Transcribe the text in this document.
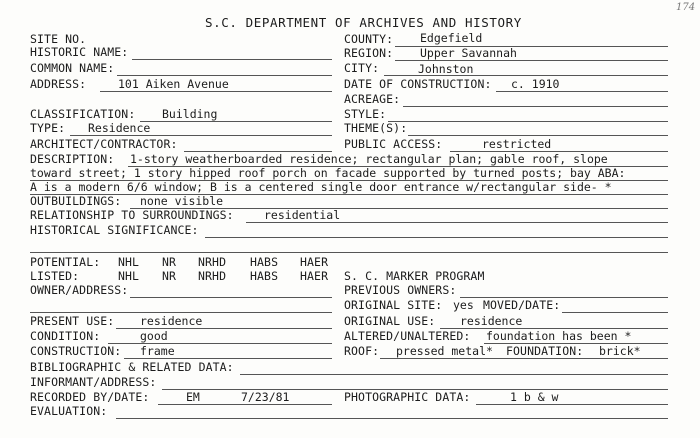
174
S.C. DEPARTMENT OF ARCHIVES AND HISTORY
SITE NO.
HISTORIC NAME:
COMMON NAME:
ADDRESS:	101 Aiken Avenue
COUNTY: Edgefield
REGION: Upper Savannah
CITY:	Johnston
DATE OF CONSTRUCTION: c. 1910
ACREAGE:
CLASSIFICATION: Building	STYLE:
TYPE: Residence	THEME(S):
ARCHITECT/CONTRACTOR:	PUBLIC ACCESS:	restricted
DESCRIPTION: 1-story weatherboarded residence; rectangular plan; gable roof, slope
toward street; 1 story hipped roof porch on facade supported by turned posts; bay ABA:
A is a modern 6/6 window; B is a centered single door entrance w/rectangular side- *
OUTBUILDINGS: none visible
RELATIONSHIP TO SURROUNDINGS:	residential
HISTORICAL SIGNIFICANCE:
POTENTIAL: NHL NR NRHD HABS HAER
LISTED:	NHL NR NRHD HABS HAER S. C. MARKER PROGRAM
OWNER/ADDRESS:	PREVIOUS OWNERS:
ORIGINAL SITE: yes MOVED/DATE:
PRESENT USE: residence	ORIGINAL USE: residence
CONDITION:	good	ALTERED/UNALTERED: foundation has been *
CONSTRUCTION: frame	ROOF: pressed metal* FOUNDATION: brick*
BIBLIOGRAPHIC & RELATED DATA:
INFORMANT/ADDRESS:
RECORDED BY/DATE:	EM	7/23/81	PHOTOGRAPHIC DATA:	1 b & w
EVALUATION:
